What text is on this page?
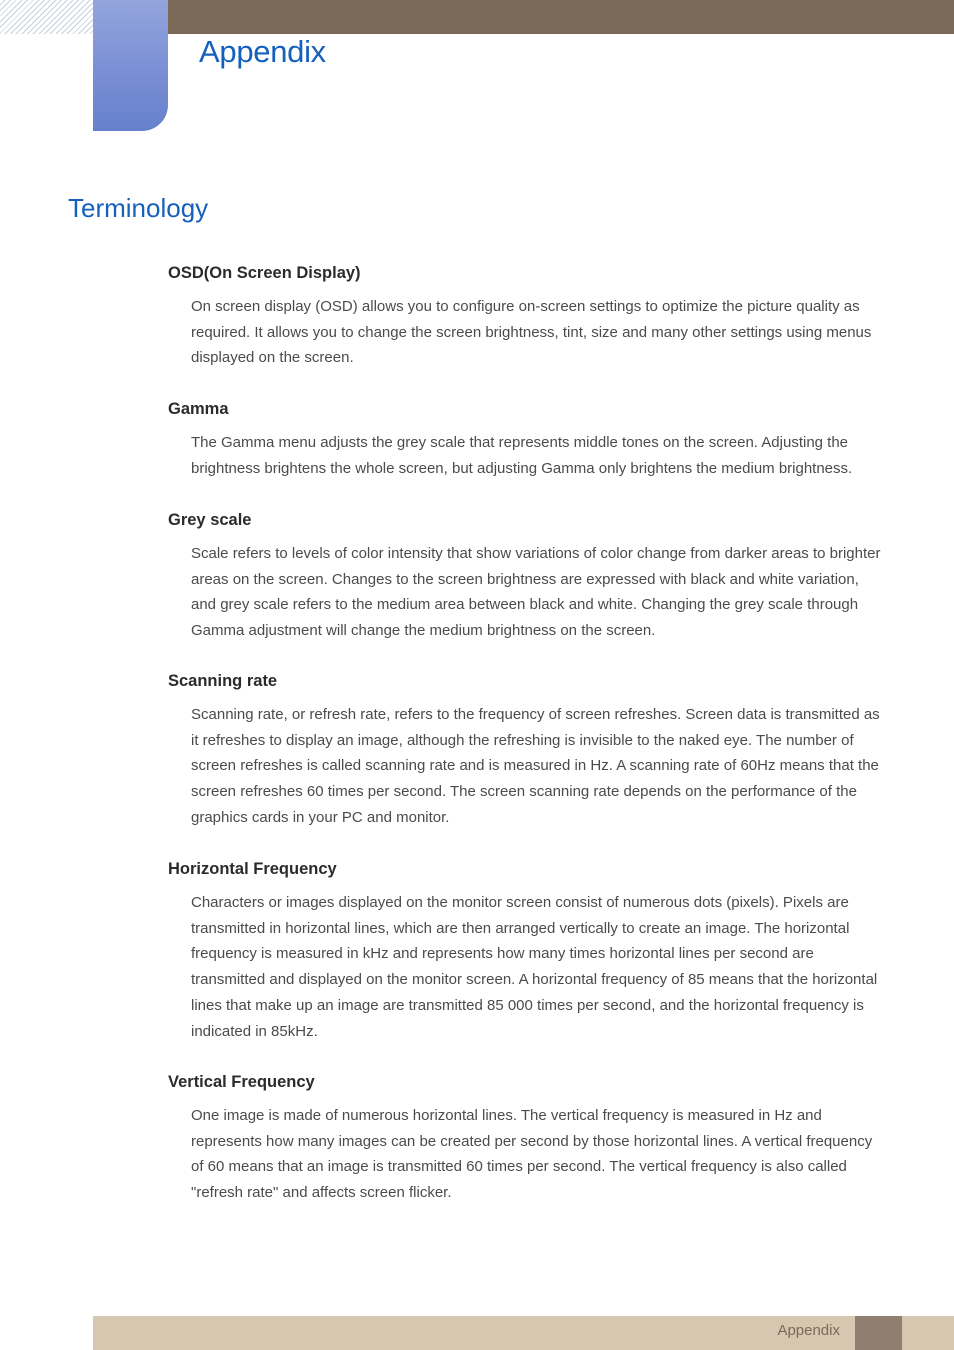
Appendix
Terminology
OSD(On Screen Display)

On screen display (OSD) allows you to configure on-screen settings to optimize the picture quality as required. It allows you to change the screen brightness, tint, size and many other settings using menus displayed on the screen.

Gamma

The Gamma menu adjusts the grey scale that represents middle tones on the screen. Adjusting the brightness brightens the whole screen, but adjusting Gamma only brightens the medium brightness.

Grey scale

Scale refers to levels of color intensity that show variations of color change from darker areas to brighter areas on the screen. Changes to the screen brightness are expressed with black and white variation, and grey scale refers to the medium area between black and white. Changing the grey scale through Gamma adjustment will change the medium brightness on the screen.

Scanning rate

Scanning rate, or refresh rate, refers to the frequency of screen refreshes. Screen data is transmitted as it refreshes to display an image, although the refreshing is invisible to the naked eye. The number of screen refreshes is called scanning rate and is measured in Hz. A scanning rate of 60Hz means that the screen refreshes 60 times per second. The screen scanning rate depends on the performance of the graphics cards in your PC and monitor.

Horizontal Frequency

Characters or images displayed on the monitor screen consist of numerous dots (pixels). Pixels are transmitted in horizontal lines, which are then arranged vertically to create an image. The horizontal frequency is measured in kHz and represents how many times horizontal lines per second are transmitted and displayed on the monitor screen. A horizontal frequency of 85 means that the horizontal lines that make up an image are transmitted 85 000 times per second, and the horizontal frequency is indicated in 85kHz.

Vertical Frequency

One image is made of numerous horizontal lines. The vertical frequency is measured in Hz and represents how many images can be created per second by those horizontal lines. A vertical frequency of 60 means that an image is transmitted 60 times per second. The vertical frequency is also called "refresh rate" and affects screen flicker.

Appendix
